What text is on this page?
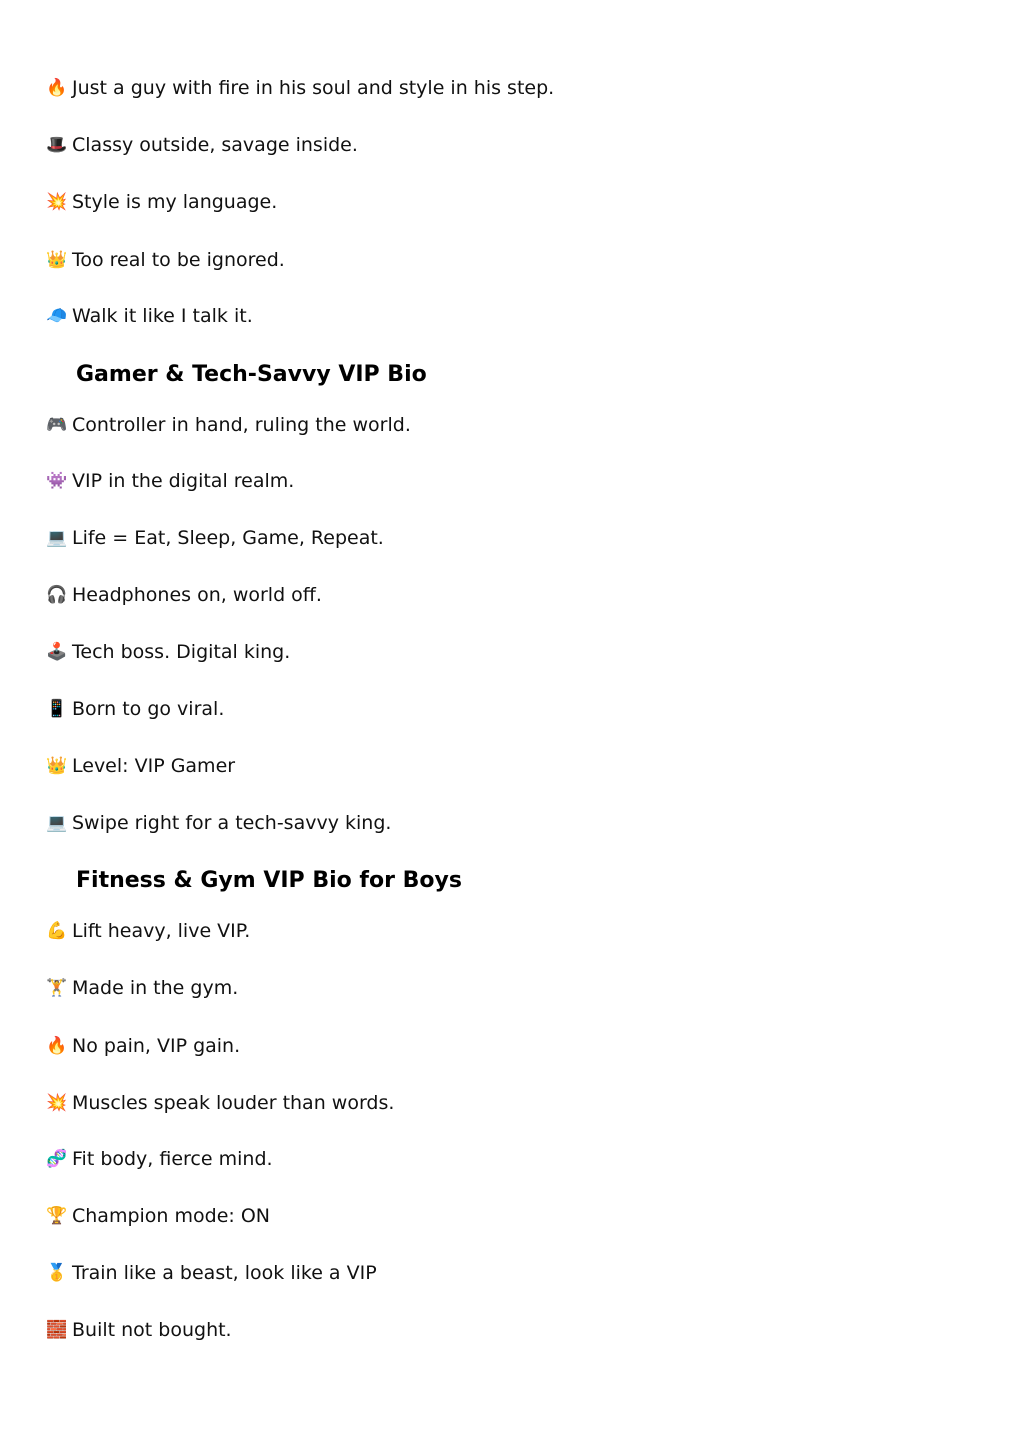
🔥 Just a guy with fire in his soul and style in his step.
🎩 Classy outside, savage inside.
💥 Style is my language.
👑 Too real to be ignored.
🧢 Walk it like I talk it.
Gamer & Tech-Savvy VIP Bio
🎮 Controller in hand, ruling the world.
👾 VIP in the digital realm.
💻 Life = Eat, Sleep, Game, Repeat.
🎧 Headphones on, world off.
🕹️ Tech boss. Digital king.
📱 Born to go viral.
👑 Level: VIP Gamer
💻 Swipe right for a tech-savvy king.
Fitness & Gym VIP Bio for Boys
💪 Lift heavy, live VIP.
🏋️ Made in the gym.
🔥 No pain, VIP gain.
💥 Muscles speak louder than words.
🧬 Fit body, fierce mind.
🏆 Champion mode: ON
🥇 Train like a beast, look like a VIP
🧱 Built not bought.
